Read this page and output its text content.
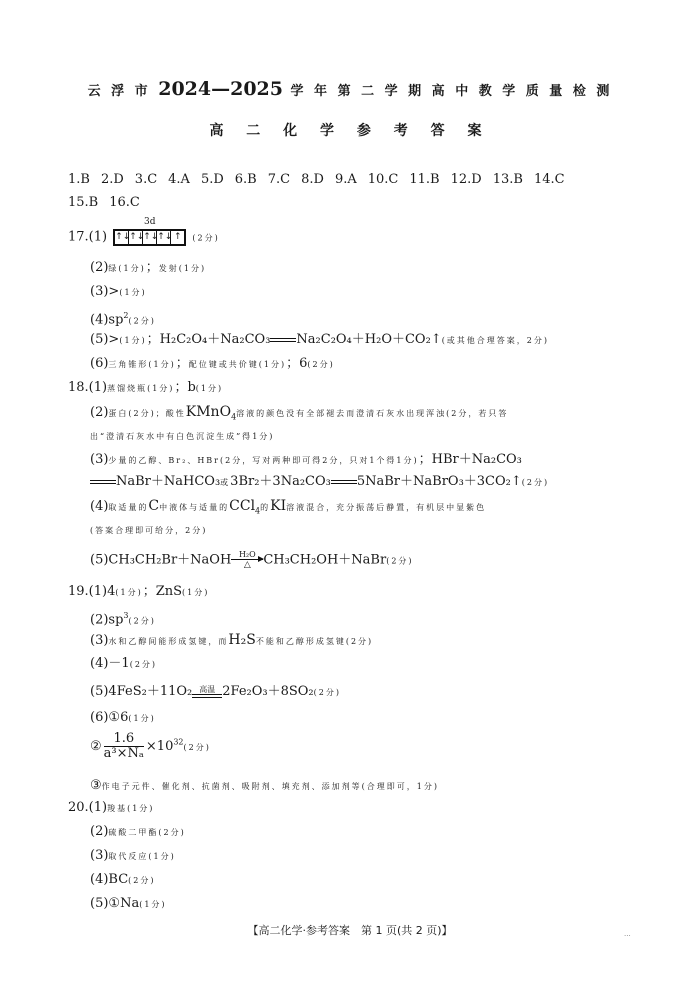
云 浮 市 2024—2025 学 年 第 二 学 期 高 中 教 学 质 量 检 测
高 二 化 学 参 考 答 案
1.B 2.D 3.C 4.A 5.D 6.B 7.C 8.D 9.A 10.C 11.B 12.D 13.B 14.C
15.B 16.C
17.(1)
3d
↑↓
↑↓
↑↓
↑↓ ↑	(2分)
(2)绿(1分)；发射(1分)
(3)>(1分)
$(4)sp^2(2$分)
(5)>(1分)；H₂C₂O₄＋Na₂CO₃ Na₂C₂O₄＋H₂O＋CO₂↑(或其他合理答案，2分)
(6)三角锥形(1分)；配位键或共价键(1分)；6(2分)
18.(1)蒸馏烧瓶(1分)；b(1分)
(2)蛋白(2分)；酸性KMnO$_4$溶液的颜色没有全部褪去而澄清石灰水出现浑浊(2分，若只答
出“澄清石灰水中有白色沉淀生成”得1分)
(3)少量的乙醇、Br₂、HBr(2分，写对两种即可得2分，只对1个得1分)；HBr＋Na₂CO₃
NaBr＋NaHCO₃或3Br₂＋3Na₂CO₃ 5NaBr＋NaBrO₃＋3CO₂↑(2分)
(4)取适量的C中液体与适量的CCl$_4$的KI溶液混合，充分振荡后静置，有机层中显紫色
(答案合理即可给分，2分)
(5)CH₃CH₂Br＋NaOH H₂O
△ CH₃CH₂OH＋NaBr(2分)
19.(1)4(1分)；ZnS(1分)
$(2)sp^3(2$分)
(3)水和乙醇间能形成氢键，而H₂S不能和乙醇形成氢键(2分)
(4)－1(2分)
(5)4FeS₂＋11O₂ 高温 2Fe₂O₃＋8SO₂(2分)
(6)①6(1分)
② $\frac{1.6}{\text{a³×Nₐ}} \times 10^{32}(2$分)
③作电子元件、催化剂、抗菌剂、吸附剂、填充剂、添加剂等(合理即可，1分)
20.(1)羧基(1分)
(2)硫酸二甲酯(2分)
(3)取代反应(1分)
(4)BC(2分)
(5)①Na(1分)
【高二化学·参考答案　第 1 页(共 2 页)】	...
